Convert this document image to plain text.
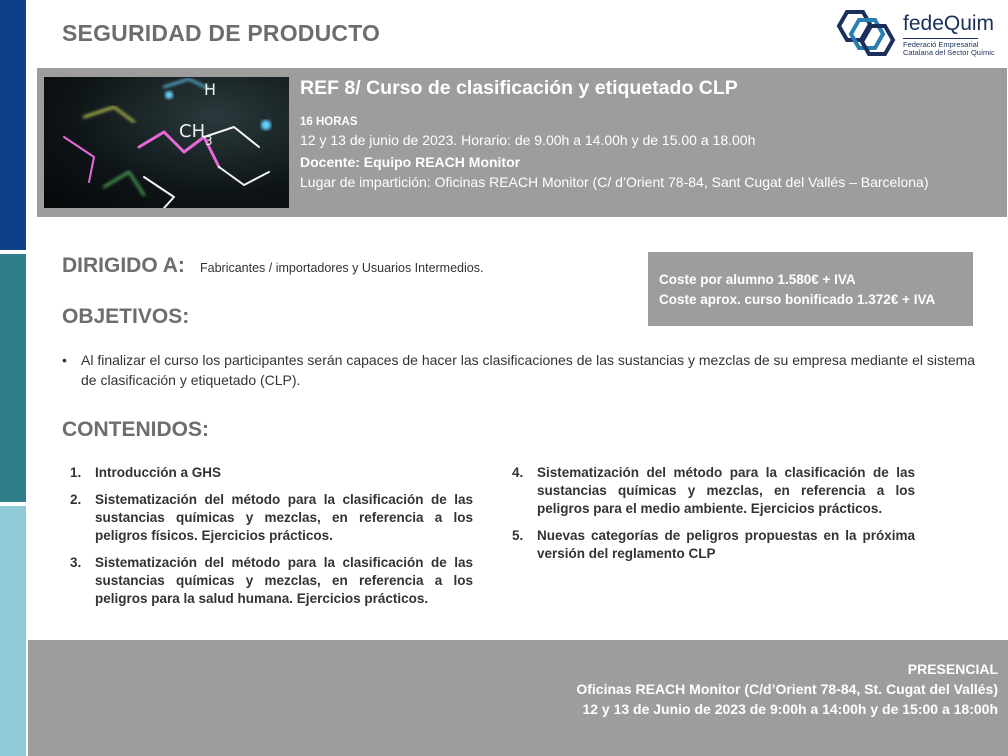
SEGURIDAD DE PRODUCTO	fedeQuim
Federació Empresarial
Catalana del Sector Químic
H
CH 3
REF 8/ Curso de clasificación y etiquetado CLP
16 HORAS
12 y 13 de junio de 2023. Horario: de 9.00h a 14.00h y de 15.00 a 18.00h
Docente: Equipo REACH Monitor
Lugar de impartición: Oficinas REACH Monitor (C/ d’Orient 78-84, Sant Cugat del Vallés – Barcelona)
DIRIGIDO A: Fabricantes / importadores y Usuarios Intermedios.
Coste por alumno 1.580€ + IVA
Coste aprox. curso bonificado 1.372€ + IVA
OBJETIVOS:
• Al finalizar el curso los participantes serán capaces de hacer las clasificaciones de las sustancias y mezclas de su empresa mediante el sistema de clasificación y etiquetado (CLP).
CONTENIDOS:
1. Introducción a GHS
2. Sistematización del método para la clasificación de las sustancias químicas y mezclas, en referencia a los peligros físicos. Ejercicios prácticos.
3. Sistematización del método para la clasificación de las sustancias químicas y mezclas, en referencia a los peligros para la salud humana. Ejercicios prácticos.
4. Sistematización del método para la clasificación de las sustancias químicas y mezclas, en referencia a los peligros para el medio ambiente. Ejercicios prácticos.
5. Nuevas categorías de peligros propuestas en la próxima versión del reglamento CLP
PRESENCIAL
Oficinas REACH Monitor (C/d’Orient 78-84, St. Cugat del Vallés)
12 y 13 de Junio de 2023 de 9:00h a 14:00h y de 15:00 a 18:00h
